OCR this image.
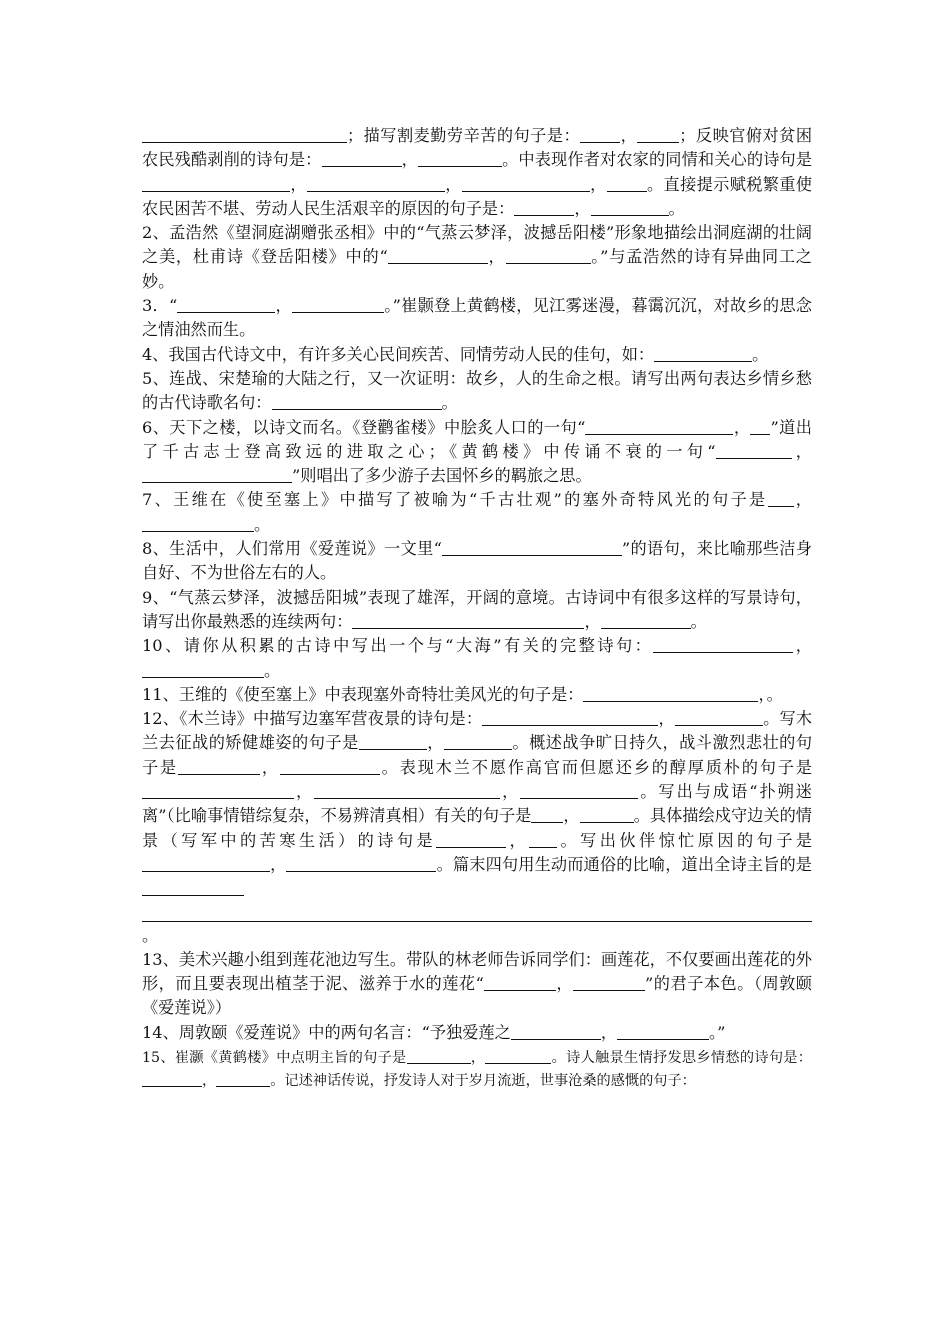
；描写割麦勤劳辛苦的句子是： ，	；反映官俯对贫困农民残酷剥削的诗句是：	，	。中表现作者对农家的同情和关心的诗句是，	，	， 。直接提示赋税繁重使农民困苦不堪、劳动人民生活艰辛的原因的句子是：	，	。

2、孟浩然《望洞庭湖赠张丞相》中的“气蒸云梦泽，波撼岳阳楼”形象地描绘出洞庭湖的壮阔之美，杜甫诗《登岳阳楼》中的“	，	。”与孟浩然的诗有异曲同工之妙。

3．“	，	。”崔颢登上黄鹤楼，见江雾迷漫，暮霭沉沉，对故乡的思念之情油然而生。

4、我国古代诗文中，有许多关心民间疾苦、同情劳动人民的佳句，如：	。

5、连战、宋楚瑜的大陆之行，又一次证明：故乡，人的生命之根。请写出两句表达乡情乡愁的古代诗歌名句：	。

6、天下之楼，以诗文而名。《登鹳雀楼》中脍炙人口的一句“	， ”道出了千古志士登高致远的进取之心；《黄鹤楼》中传诵不衰的一句“	，”则唱出了多少游子去国怀乡的羁旅之思。

7、王维在《使至塞上》中描写了被喻为“千古壮观”的塞外奇特风光的句子是 ，。

8、生活中，人们常用《爱莲说》一文里“	”的语句，来比喻那些洁身自好、不为世俗左右的人。

9、“气蒸云梦泽，波撼岳阳城”表现了雄浑，开阔的意境。古诗词中有很多这样的写景诗句，请写出你最熟悉的连续两句：	，	。

10、请你从积累的古诗中写出一个与“大海”有关的完整诗句：	，。

11、王维的《使至塞上》中表现塞外奇特壮美风光的句子是：	，。

12、《木兰诗》中描写边塞军营夜景的诗句是：	，	。写木兰去征战的矫健雄姿的句子是	，	。概述战争旷日持久，战斗激烈悲壮的句子是	，	。表现木兰不愿作高官而但愿还乡的醇厚质朴的句子是，	，	。写出与成语“扑朔迷离”（比喻事情错综复杂，不易辨清真相）有关的句子是 ，	。具体描绘戍守边关的情景（写军中的苦寒生活）的诗句是	， 。写出伙伴惊忙原因的句子是，	。篇末四句用生动而通俗的比喻，道出全诗主旨的是

。

13、美术兴趣小组到莲花池边写生。带队的林老师告诉同学们：画莲花，不仅要画出莲花的外形，而且要表现出植茎于泥、滋养于水的莲花“	，	”的君子本色。（周敦颐《爱莲说》）

14、周敦颐《爱莲说》中的两句名言：“予独爱莲之	，	。”

15、崔灏《黄鹤楼》中点明主旨的句子是	，	。诗人触景生情抒发思乡情愁的诗句是：，	。记述神话传说，抒发诗人对于岁月流逝，世事沧桑的感慨的句子：
